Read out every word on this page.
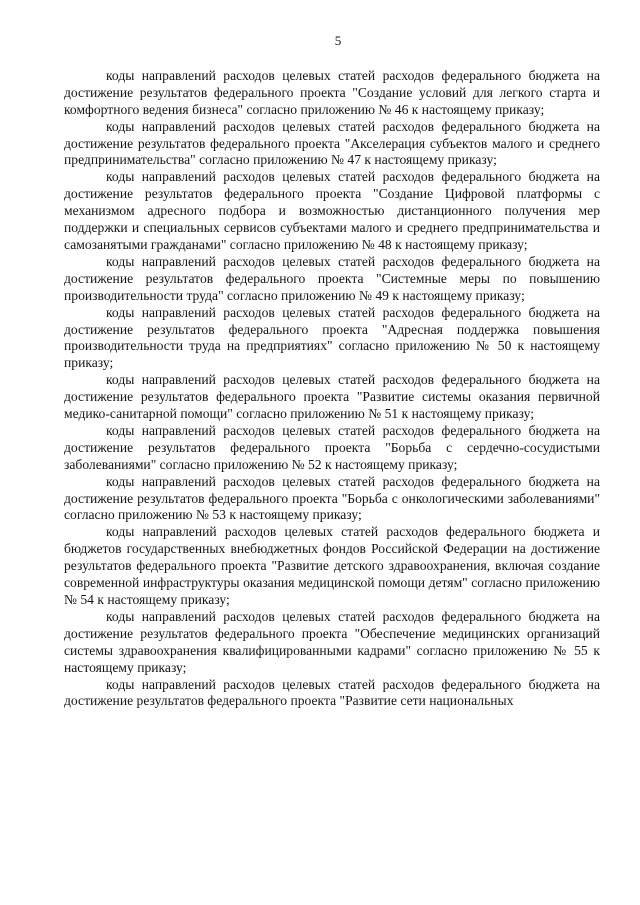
5

коды направлений расходов целевых статей расходов федерального бюджета на достижение результатов федерального проекта "Создание условий для легкого старта и комфортного ведения бизнеса" согласно приложению № 46 к настоящему приказу;

коды направлений расходов целевых статей расходов федерального бюджета на достижение результатов федерального проекта "Акселерация субъектов малого и среднего предпринимательства" согласно приложению № 47 к настоящему приказу;

коды направлений расходов целевых статей расходов федерального бюджета на достижение результатов федерального проекта "Создание Цифровой платформы с механизмом адресного подбора и возможностью дистанционного получения мер поддержки и специальных сервисов субъектами малого и среднего предпринимательства и самозанятыми гражданами" согласно приложению № 48 к настоящему приказу;

коды направлений расходов целевых статей расходов федерального бюджета на достижение результатов федерального проекта "Системные меры по повышению производительности труда" согласно приложению № 49 к настоящему приказу;

коды направлений расходов целевых статей расходов федерального бюджета на достижение результатов федерального проекта "Адресная поддержка повышения производительности труда на предприятиях" согласно приложению № 50 к настоящему приказу;

коды направлений расходов целевых статей расходов федерального бюджета на достижение результатов федерального проекта "Развитие системы оказания первичной медико-санитарной помощи" согласно приложению № 51 к настоящему приказу;

коды направлений расходов целевых статей расходов федерального бюджета на достижение результатов федерального проекта "Борьба с сердечно-сосудистыми заболеваниями" согласно приложению № 52 к настоящему приказу;

коды направлений расходов целевых статей расходов федерального бюджета на достижение результатов федерального проекта "Борьба с онкологическими заболеваниями" согласно приложению № 53 к настоящему приказу;

коды направлений расходов целевых статей расходов федерального бюджета и бюджетов государственных внебюджетных фондов Российской Федерации на достижение результатов федерального проекта "Развитие детского здравоохранения, включая создание современной инфраструктуры оказания медицинской помощи детям" согласно приложению № 54 к настоящему приказу;

коды направлений расходов целевых статей расходов федерального бюджета на достижение результатов федерального проекта "Обеспечение медицинских организаций системы здравоохранения квалифицированными кадрами" согласно приложению № 55 к настоящему приказу;

коды направлений расходов целевых статей расходов федерального бюджета на достижение результатов федерального проекта "Развитие сети национальных
